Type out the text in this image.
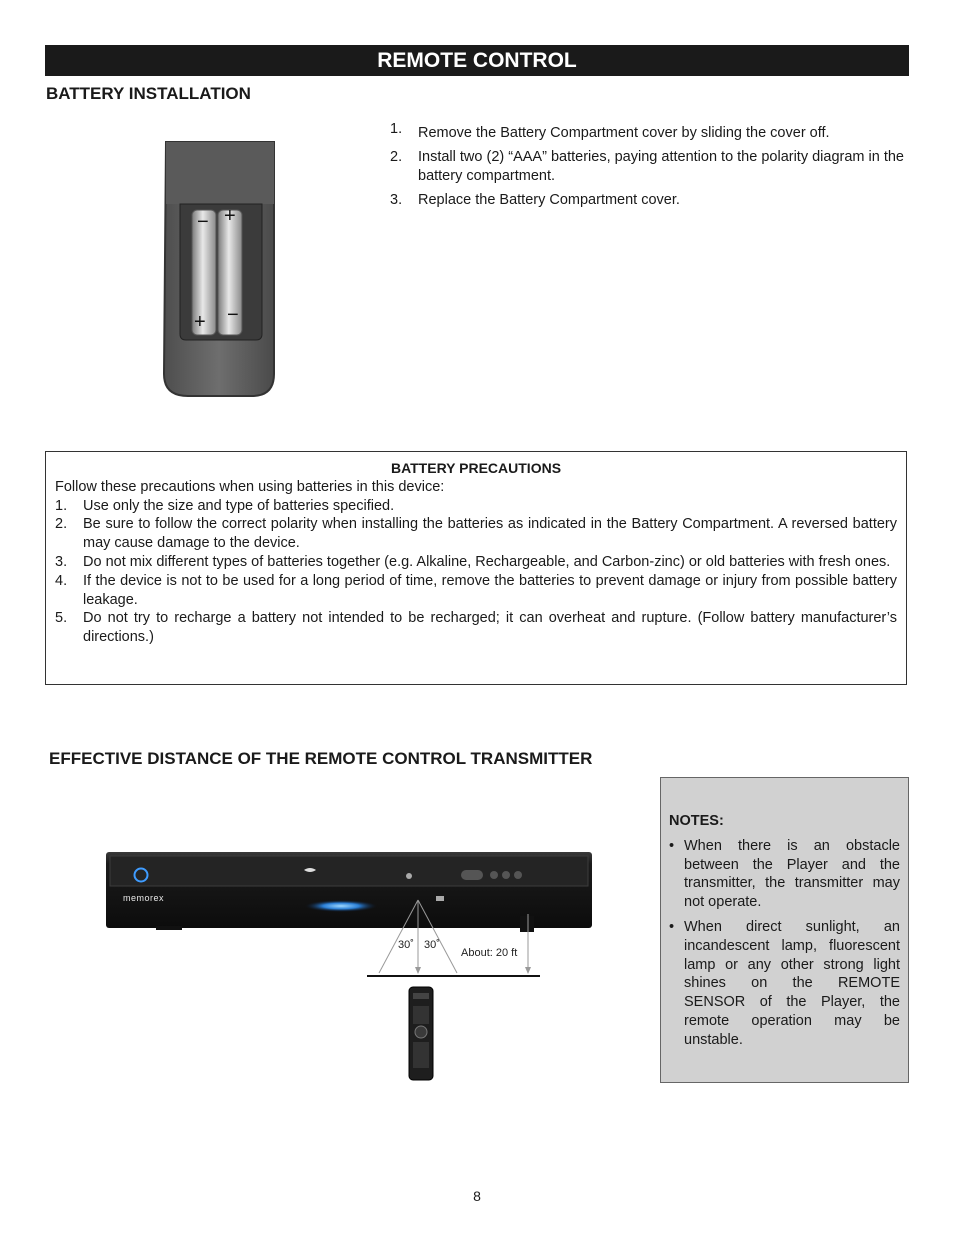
REMOTE CONTROL
BATTERY INSTALLATION
− +
+ −
1. Remove the Battery Compartment cover by sliding the cover off.
2. Install two (2) “AAA” batteries, paying attention to the polarity diagram in the battery compartment.
3. Replace the Battery Compartment cover.
BATTERY PRECAUTIONS
Follow these precautions when using batteries in this device:
1. Use only the size and type of batteries specified.
2. Be sure to follow the correct polarity when installing the batteries as indicated in the Battery Compartment. A reversed battery may cause damage to the device.
3. Do not mix different types of batteries together (e.g. Alkaline, Rechargeable, and Carbon-zinc) or old batteries with fresh ones.
4. If the device is not to be used for a long period of time, remove the batteries to prevent damage or injury from possible battery leakage.
5. Do not try to recharge a battery not intended to be recharged; it can overheat and rupture. (Follow battery manufacturer’s directions.)
EFFECTIVE DISTANCE OF THE REMOTE CONTROL TRANSMITTER
memorex
30˚ 30˚
About: 20 ft
NOTES:
• When there is an obstacle between the Player and the transmitter, the transmitter may not operate.
• When direct sunlight, an incandescent lamp, fluorescent lamp or any other strong light shines on the REMOTE SENSOR of the Player, the remote operation may be unstable.
8
